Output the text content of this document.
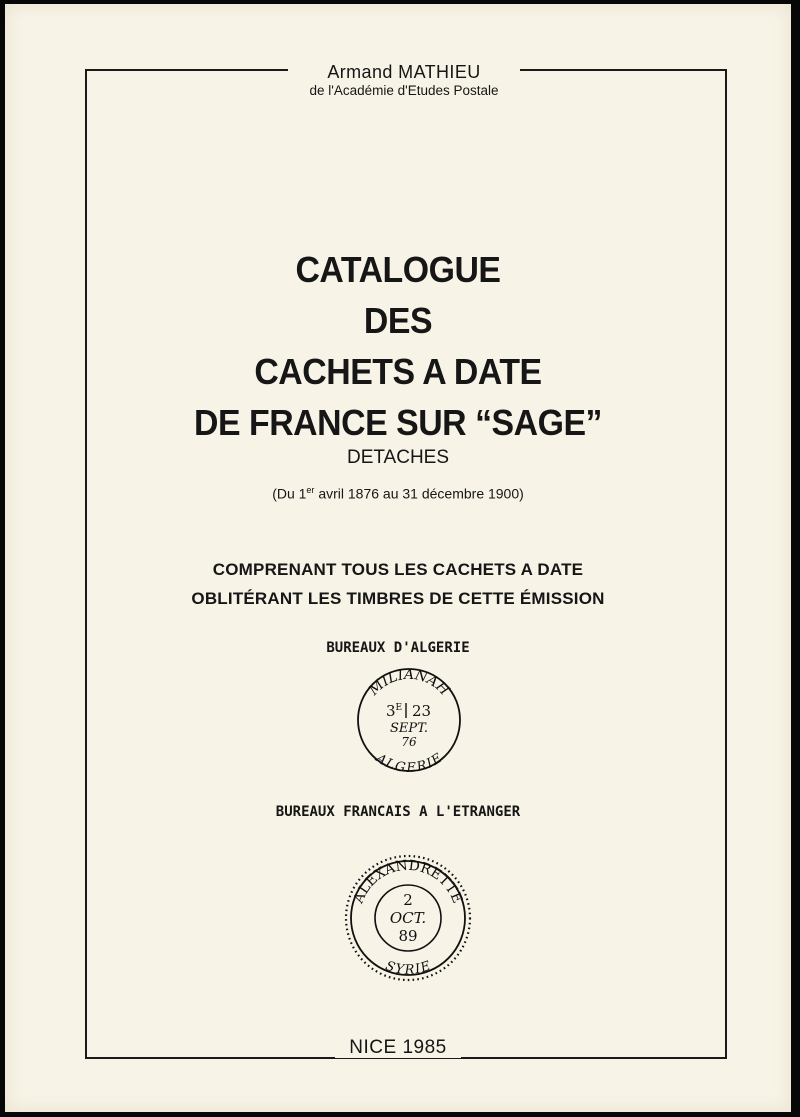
Armand MATHIEU
de l'Académie d'Etudes Postale
CATALOGUE
DES
CACHETS A DATE
DE FRANCE SUR “SAGE”
DETACHES
(Du 1er avril 1876 au 31 décembre 1900)
COMPRENANT TOUS LES CACHETS A DATE
OBLITÉRANT LES TIMBRES DE CETTE ÉMISSION
BUREAUX D'ALGERIE
MILIANAH
ALGERIE
$3^E$ 23
SEPT.
76
BUREAUX FRANCAIS A L'ETRANGER
ALEXANDRETTE
SYRIE
2
OCT.
89
NICE 1985
